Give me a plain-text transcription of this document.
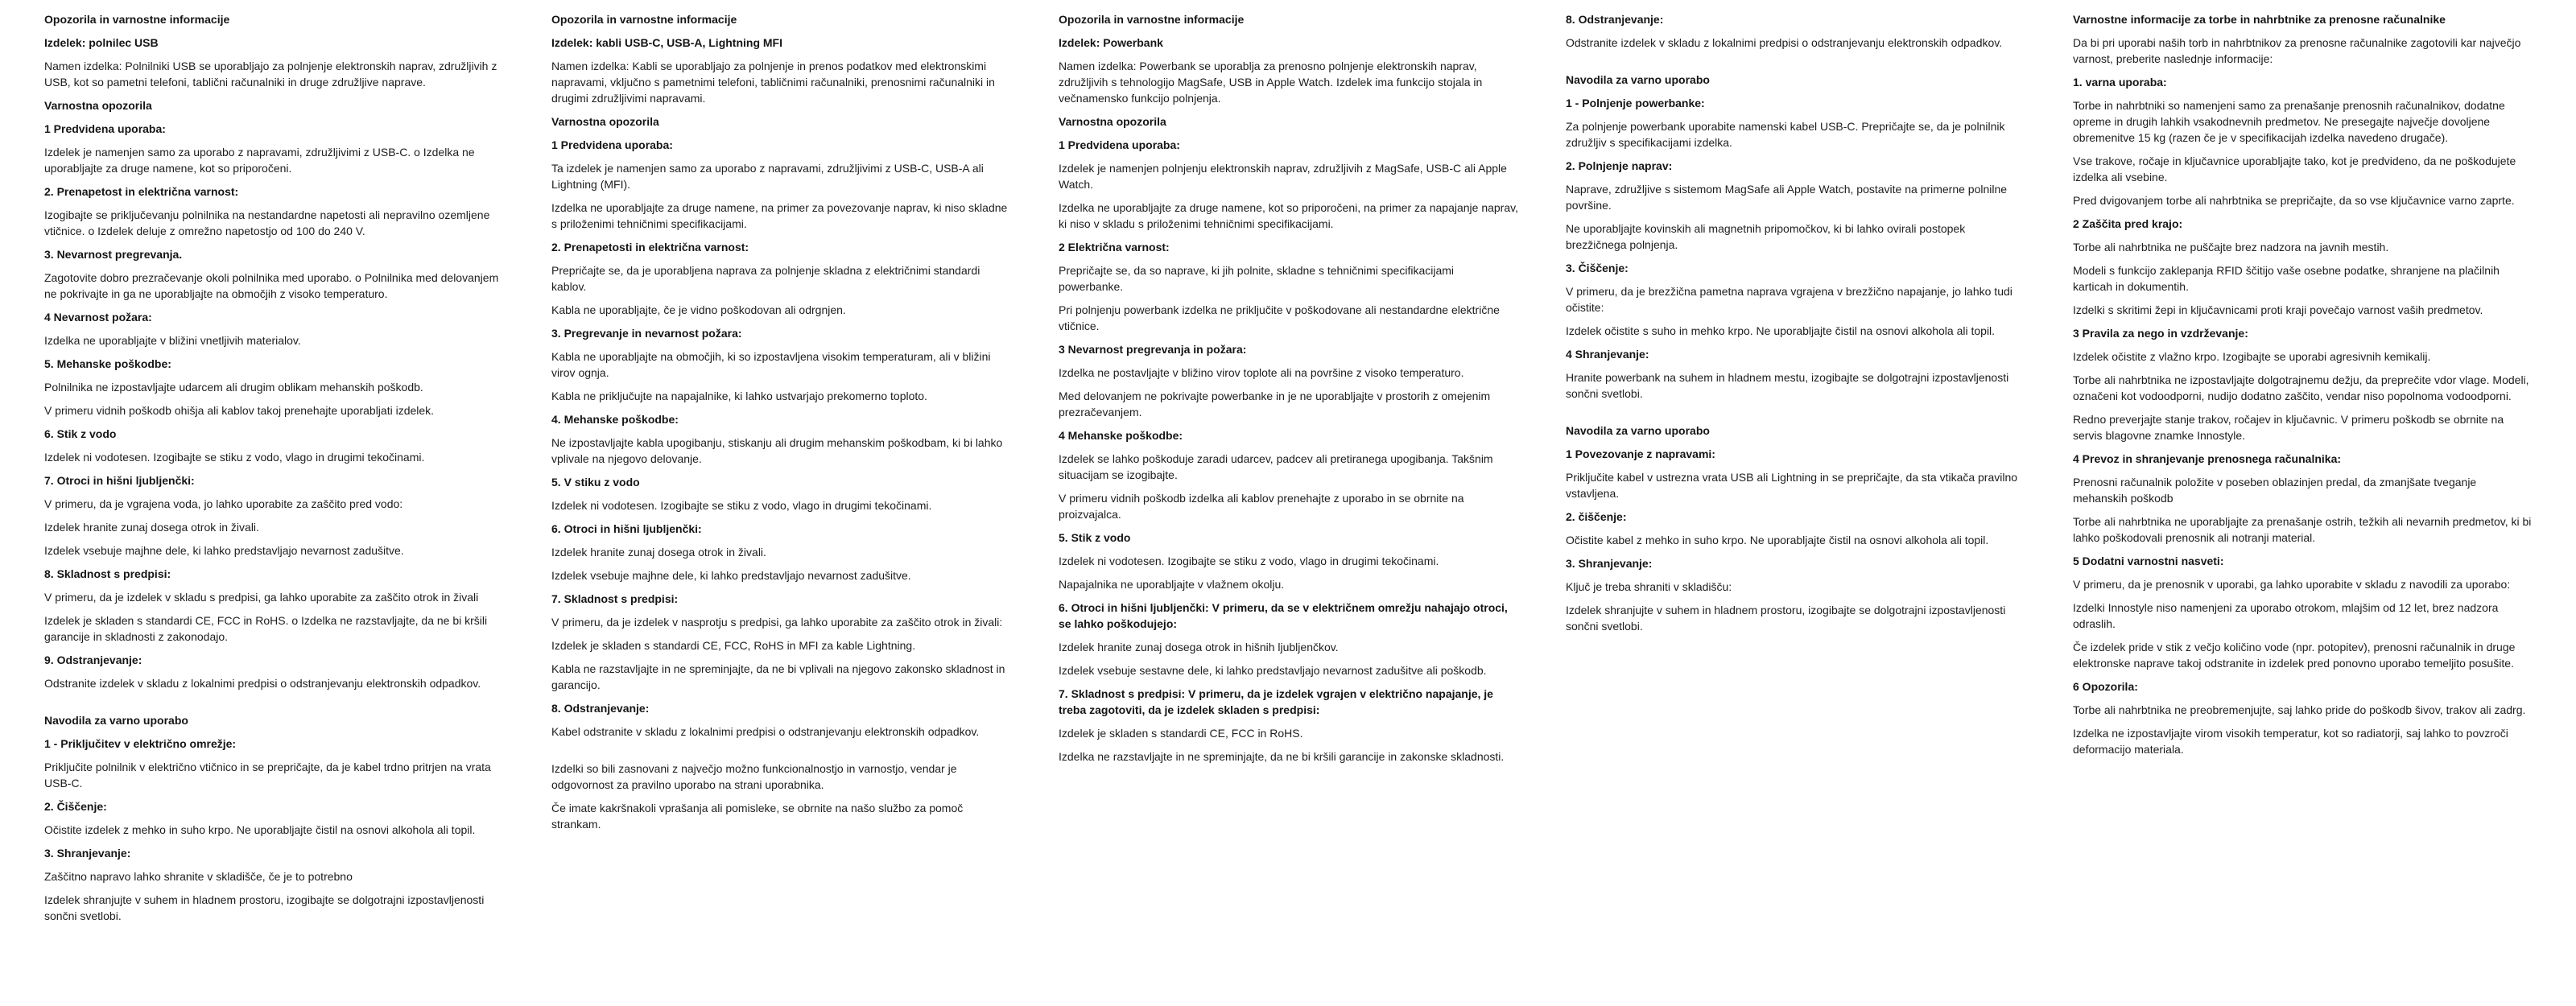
Opozorila in varnostne informacije
Izdelek: polnilec USB
Namen izdelka: Polnilniki USB se uporabljajo za polnjenje elektronskih naprav, združljivih z USB, kot so pametni telefoni, tablični računalniki in druge združljive naprave.
Varnostna opozorila
1 Predvidena uporaba:
Izdelek je namenjen samo za uporabo z napravami, združljivimi z USB-C. o Izdelka ne uporabljajte za druge namene, kot so priporočeni.
2. Prenapetost in električna varnost:
Izogibajte se priključevanju polnilnika na nestandardne napetosti ali nepravilno ozemljene vtičnice. o Izdelek deluje z omrežno napetostjo od 100 do 240 V.
3. Nevarnost pregrevanja.
Zagotovite dobro prezračevanje okoli polnilnika med uporabo. o Polnilnika med delovanjem ne pokrivajte in ga ne uporabljajte na območjih z visoko temperaturo.
4 Nevarnost požara:
Izdelka ne uporabljajte v bližini vnetljivih materialov.
5. Mehanske poškodbe:
Polnilnika ne izpostavljajte udarcem ali drugim oblikam mehanskih poškodb.
V primeru vidnih poškodb ohišja ali kablov takoj prenehajte uporabljati izdelek.
6. Stik z vodo
Izdelek ni vodotesen. Izogibajte se stiku z vodo, vlago in drugimi tekočinami.
7. Otroci in hišni ljubljenčki:
V primeru, da je vgrajena voda, jo lahko uporabite za zaščito pred vodo:
Izdelek hranite zunaj dosega otrok in živali.
Izdelek vsebuje majhne dele, ki lahko predstavljajo nevarnost zadušitve.
8. Skladnost s predpisi:
V primeru, da je izdelek v skladu s predpisi, ga lahko uporabite za zaščito otrok in živali
Izdelek je skladen s standardi CE, FCC in RoHS. o Izdelka ne razstavljajte, da ne bi kršili garancije in skladnosti z zakonodajo.
9. Odstranjevanje:
Odstranite izdelek v skladu z lokalnimi predpisi o odstranjevanju elektronskih odpadkov.
Navodila za varno uporabo
1 - Priključitev v električno omrežje:
Priključite polnilnik v električno vtičnico in se prepričajte, da je kabel trdno pritrjen na vrata USB-C.
2. Čiščenje:
Očistite izdelek z mehko in suho krpo. Ne uporabljajte čistil na osnovi alkohola ali topil.
3. Shranjevanje:
Zaščitno napravo lahko shranite v skladišče, če je to potrebno
Izdelek shranjujte v suhem in hladnem prostoru, izogibajte se dolgotrajni izpostavljenosti sončni svetlobi.
Opozorila in varnostne informacije
Izdelek: kabli USB-C, USB-A, Lightning MFI
Namen izdelka: Kabli se uporabljajo za polnjenje in prenos podatkov med elektronskimi napravami, vključno s pametnimi telefoni, tabličnimi računalniki, prenosnimi računalniki in drugimi združljivimi napravami.
Varnostna opozorila
1 Predvidena uporaba:
Ta izdelek je namenjen samo za uporabo z napravami, združljivimi z USB-C, USB-A ali Lightning (MFI).
Izdelka ne uporabljajte za druge namene, na primer za povezovanje naprav, ki niso skladne s priloženimi tehničnimi specifikacijami.
2. Prenapetosti in električna varnost:
Prepričajte se, da je uporabljena naprava za polnjenje skladna z električnimi standardi kablov.
Kabla ne uporabljajte, če je vidno poškodovan ali odrgnjen.
3. Pregrevanje in nevarnost požara:
Kabla ne uporabljajte na območjih, ki so izpostavljena visokim temperaturam, ali v bližini virov ognja.
Kabla ne priključujte na napajalnike, ki lahko ustvarjajo prekomerno toploto.
4. Mehanske poškodbe:
Ne izpostavljajte kabla upogibanju, stiskanju ali drugim mehanskim poškodbam, ki bi lahko vplivale na njegovo delovanje.
5. V stiku z vodo
Izdelek ni vodotesen. Izogibajte se stiku z vodo, vlago in drugimi tekočinami.
6. Otroci in hišni ljubljenčki:
Izdelek hranite zunaj dosega otrok in živali.
Izdelek vsebuje majhne dele, ki lahko predstavljajo nevarnost zadušitve.
7. Skladnost s predpisi:
V primeru, da je izdelek v nasprotju s predpisi, ga lahko uporabite za zaščito otrok in živali:
Izdelek je skladen s standardi CE, FCC, RoHS in MFI za kable Lightning.
Kabla ne razstavljajte in ne spreminjajte, da ne bi vplivali na njegovo zakonsko skladnost in garancijo.
8. Odstranjevanje:
Kabel odstranite v skladu z lokalnimi predpisi o odstranjevanju elektronskih odpadkov.
Izdelki so bili zasnovani z največjo možno funkcionalnostjo in varnostjo, vendar je odgovornost za pravilno uporabo na strani uporabnika.
Če imate kakršnakoli vprašanja ali pomisleke, se obrnite na našo službo za pomoč strankam.
Opozorila in varnostne informacije
Izdelek: Powerbank
Namen izdelka: Powerbank se uporablja za prenosno polnjenje elektronskih naprav, združljivih s tehnologijo MagSafe, USB in Apple Watch. Izdelek ima funkcijo stojala in večnamensko funkcijo polnjenja.
Varnostna opozorila
1 Predvidena uporaba:
Izdelek je namenjen polnjenju elektronskih naprav, združljivih z MagSafe, USB-C ali Apple Watch.
Izdelka ne uporabljajte za druge namene, kot so priporočeni, na primer za napajanje naprav, ki niso v skladu s priloženimi tehničnimi specifikacijami.
2 Električna varnost:
Prepričajte se, da so naprave, ki jih polnite, skladne s tehničnimi specifikacijami powerbanke.
Pri polnjenju powerbank izdelka ne priključite v poškodovane ali nestandardne električne vtičnice.
3 Nevarnost pregrevanja in požara:
Izdelka ne postavljajte v bližino virov toplote ali na površine z visoko temperaturo.
Med delovanjem ne pokrivajte powerbanke in je ne uporabljajte v prostorih z omejenim prezračevanjem.
4 Mehanske poškodbe:
Izdelek se lahko poškoduje zaradi udarcev, padcev ali pretiranega upogibanja. Takšnim situacijam se izogibajte.
V primeru vidnih poškodb izdelka ali kablov prenehajte z uporabo in se obrnite na proizvajalca.
5. Stik z vodo
Izdelek ni vodotesen. Izogibajte se stiku z vodo, vlago in drugimi tekočinami.
Napajalnika ne uporabljajte v vlažnem okolju.
6. Otroci in hišni ljubljenčki: V primeru, da se v električnem omrežju nahajajo otroci, se lahko poškodujejo:
Izdelek hranite zunaj dosega otrok in hišnih ljubljenčkov.
Izdelek vsebuje sestavne dele, ki lahko predstavljajo nevarnost zadušitve ali poškodb.
7. Skladnost s predpisi: V primeru, da je izdelek vgrajen v električno napajanje, je treba zagotoviti, da je izdelek skladen s predpisi:
Izdelek je skladen s standardi CE, FCC in RoHS.
Izdelka ne razstavljajte in ne spreminjajte, da ne bi kršili garancije in zakonske skladnosti.
8. Odstranjevanje:
Odstranite izdelek v skladu z lokalnimi predpisi o odstranjevanju elektronskih odpadkov.
Navodila za varno uporabo
1 - Polnjenje powerbanke:
Za polnjenje powerbank uporabite namenski kabel USB-C. Prepričajte se, da je polnilnik združljiv s specifikacijami izdelka.
2. Polnjenje naprav:
Naprave, združljive s sistemom MagSafe ali Apple Watch, postavite na primerne polnilne površine.
Ne uporabljajte kovinskih ali magnetnih pripomočkov, ki bi lahko ovirali postopek brezžičnega polnjenja.
3. Čiščenje:
V primeru, da je brezžična pametna naprava vgrajena v brezžično napajanje, jo lahko tudi očistite:
Izdelek očistite s suho in mehko krpo. Ne uporabljajte čistil na osnovi alkohola ali topil.
4 Shranjevanje:
Hranite powerbank na suhem in hladnem mestu, izogibajte se dolgotrajni izpostavljenosti sončni svetlobi.
Navodila za varno uporabo
1 Povezovanje z napravami:
Priključite kabel v ustrezna vrata USB ali Lightning in se prepričajte, da sta vtikača pravilno vstavljena.
2. čiščenje:
Očistite kabel z mehko in suho krpo. Ne uporabljajte čistil na osnovi alkohola ali topil.
3. Shranjevanje:
Ključ je treba shraniti v skladišču:
Izdelek shranjujte v suhem in hladnem prostoru, izogibajte se dolgotrajni izpostavljenosti sončni svetlobi.
Varnostne informacije za torbe in nahrbtnike za prenosne računalnike
Da bi pri uporabi naših torb in nahrbtnikov za prenosne računalnike zagotovili kar največjo varnost, preberite naslednje informacije:
1. varna uporaba:
Torbe in nahrbtniki so namenjeni samo za prenašanje prenosnih računalnikov, dodatne opreme in drugih lahkih vsakodnevnih predmetov. Ne presegajte največje dovoljene obremenitve 15 kg (razen če je v specifikacijah izdelka navedeno drugače).
Vse trakove, ročaje in ključavnice uporabljajte tako, kot je predvideno, da ne poškodujete izdelka ali vsebine.
Pred dvigovanjem torbe ali nahrbtnika se prepričajte, da so vse ključavnice varno zaprte.
2 Zaščita pred krajo:
Torbe ali nahrbtnika ne puščajte brez nadzora na javnih mestih.
Modeli s funkcijo zaklepanja RFID ščitijo vaše osebne podatke, shranjene na plačilnih karticah in dokumentih.
Izdelki s skritimi žepi in ključavnicami proti kraji povečajo varnost vaših predmetov.
3 Pravila za nego in vzdrževanje:
Izdelek očistite z vlažno krpo. Izogibajte se uporabi agresivnih kemikalij.
Torbe ali nahrbtnika ne izpostavljajte dolgotrajnemu dežju, da preprečite vdor vlage. Modeli, označeni kot vodoodporni, nudijo dodatno zaščito, vendar niso popolnoma vodoodporni.
Redno preverjajte stanje trakov, ročajev in ključavnic. V primeru poškodb se obrnite na servis blagovne znamke Innostyle.
4 Prevoz in shranjevanje prenosnega računalnika:
Prenosni računalnik položite v poseben oblazinjen predal, da zmanjšate tveganje mehanskih poškodb
Torbe ali nahrbtnika ne uporabljajte za prenašanje ostrih, težkih ali nevarnih predmetov, ki bi lahko poškodovali prenosnik ali notranji material.
5 Dodatni varnostni nasveti:
V primeru, da je prenosnik v uporabi, ga lahko uporabite v skladu z navodili za uporabo:
Izdelki Innostyle niso namenjeni za uporabo otrokom, mlajšim od 12 let, brez nadzora odraslih.
Če izdelek pride v stik z večjo količino vode (npr. potopitev), prenosni računalnik in druge elektronske naprave takoj odstranite in izdelek pred ponovno uporabo temeljito posušite.
6 Opozorila:
Torbe ali nahrbtnika ne preobremenjujte, saj lahko pride do poškodb šivov, trakov ali zadrg.
Izdelka ne izpostavljajte virom visokih temperatur, kot so radiatorji, saj lahko to povzroči deformacijo materiala.
